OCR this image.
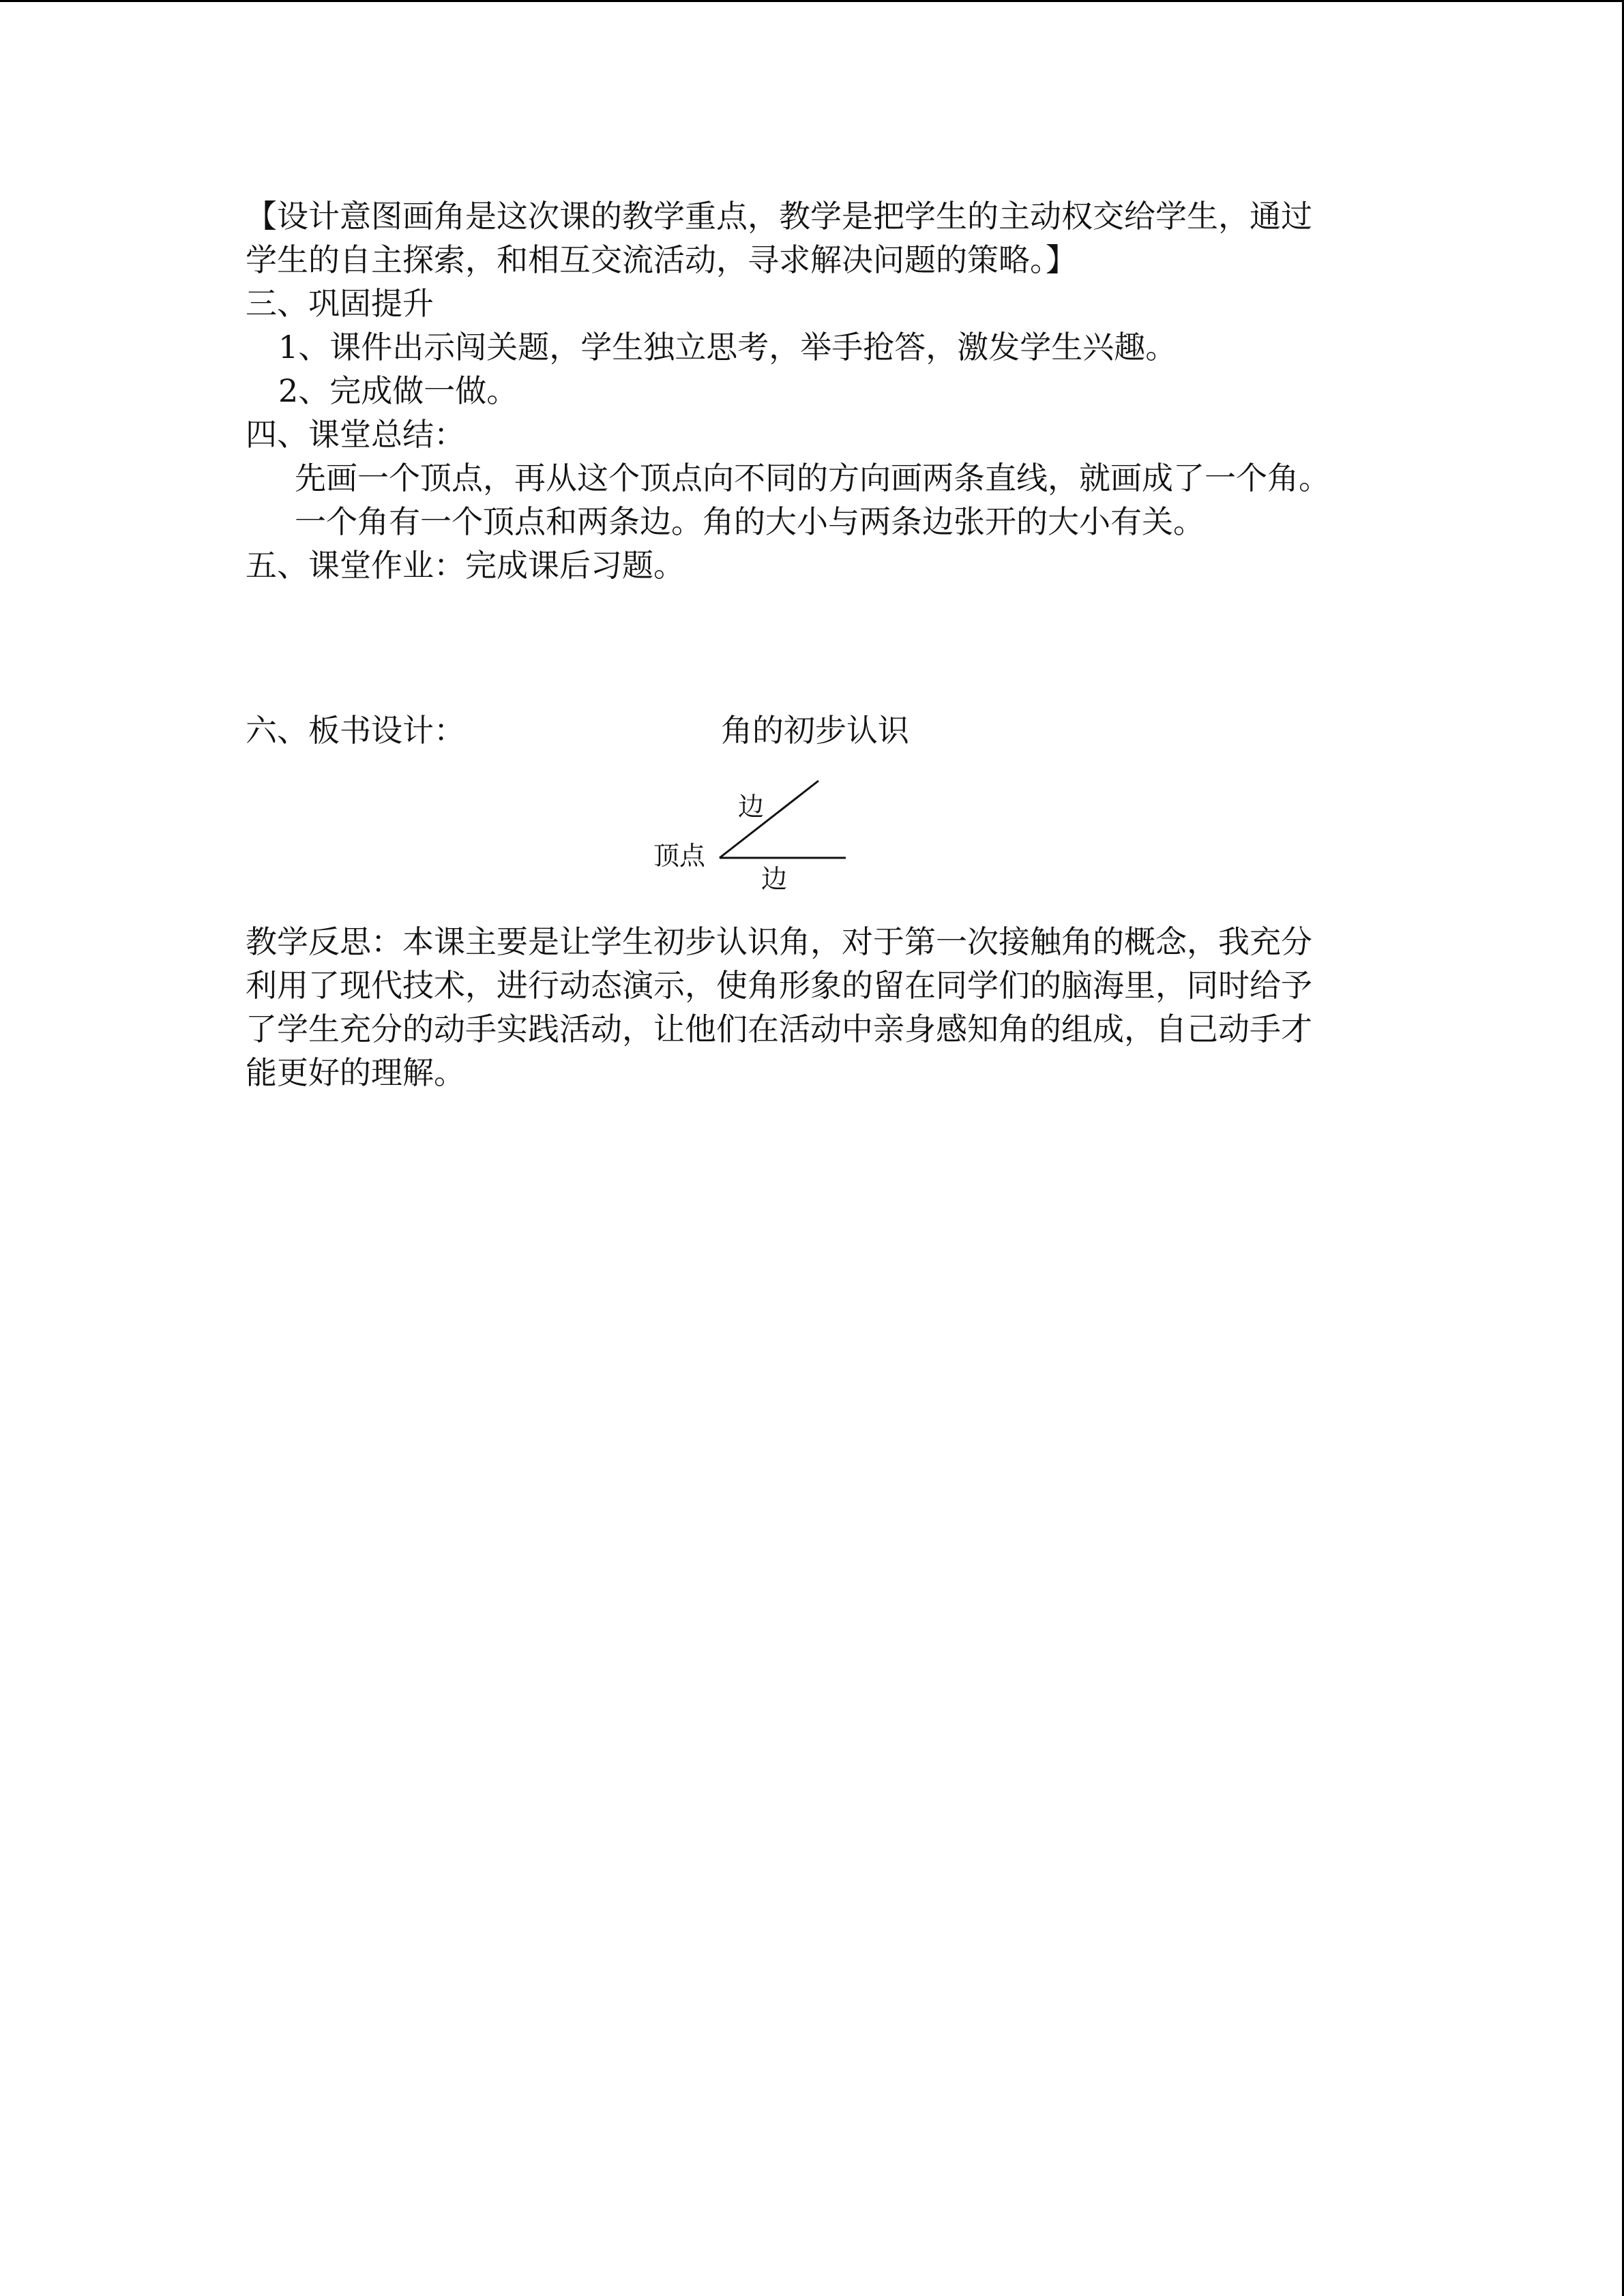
【设计意图画角是这次课的教学重点，教学是把学生的主动权交给学生，通过
学生的自主探索，和相互交流活动，寻求解决问题的策略。】
三、巩固提升
1、课件出示闯关题，学生独立思考，举手抢答，激发学生兴趣。
2、完成做一做。
四、课堂总结：
先画一个顶点，再从这个顶点向不同的方向画两条直线，就画成了一个角。
一个角有一个顶点和两条边。角的大小与两条边张开的大小有关。
五、课堂作业：完成课后习题。
六、板书设计：	角的初步认识
边
顶点
边
教学反思：本课主要是让学生初步认识角，对于第一次接触角的概念，我充分
利用了现代技术，进行动态演示，使角形象的留在同学们的脑海里，同时给予
了学生充分的动手实践活动，让他们在活动中亲身感知角的组成，自己动手才
能更好的理解。
